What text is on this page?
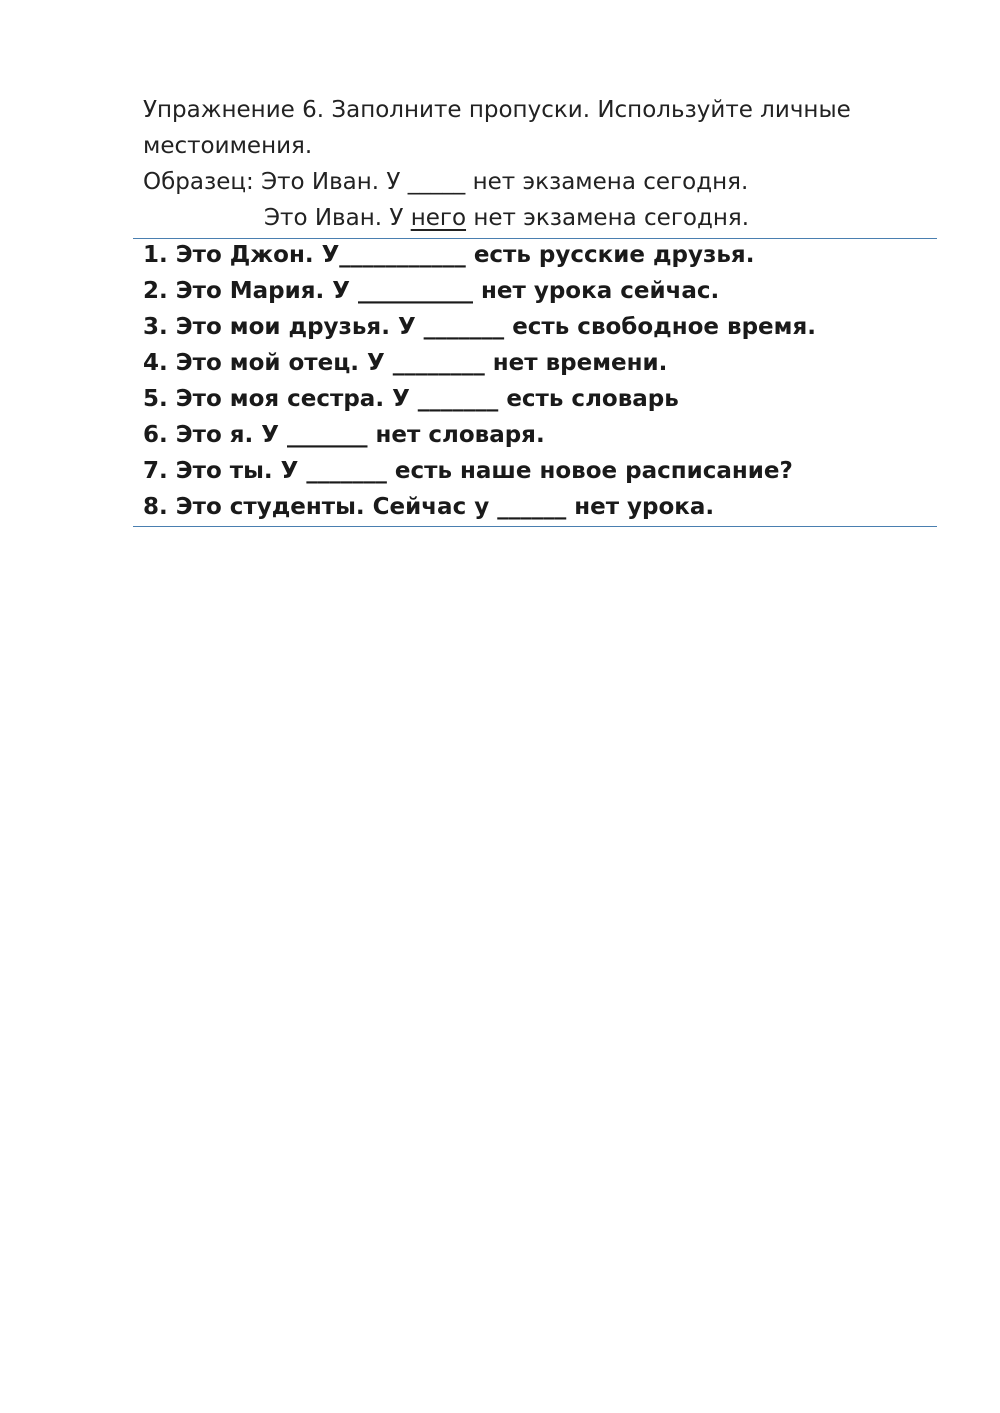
Упражнение 6. Заполните пропуски. Используйте личные
местоимения.
Образец: Это Иван. У _____ нет экзамена сегодня.
Это Иван. У него нет экзамена сегодня.
1. Это Джон. У___________ есть русские друзья.
2. Это Мария. У __________ нет урока сейчас.
3. Это мои друзья. У _______ есть свободное время.
4. Это мой отец. У ________ нет времени.
5. Это моя сестра. У _______ есть словарь
6. Это я. У _______ нет словаря.
7. Это ты. У _______ есть наше новое расписание?
8. Это студенты. Сейчас у ______ нет урока.
